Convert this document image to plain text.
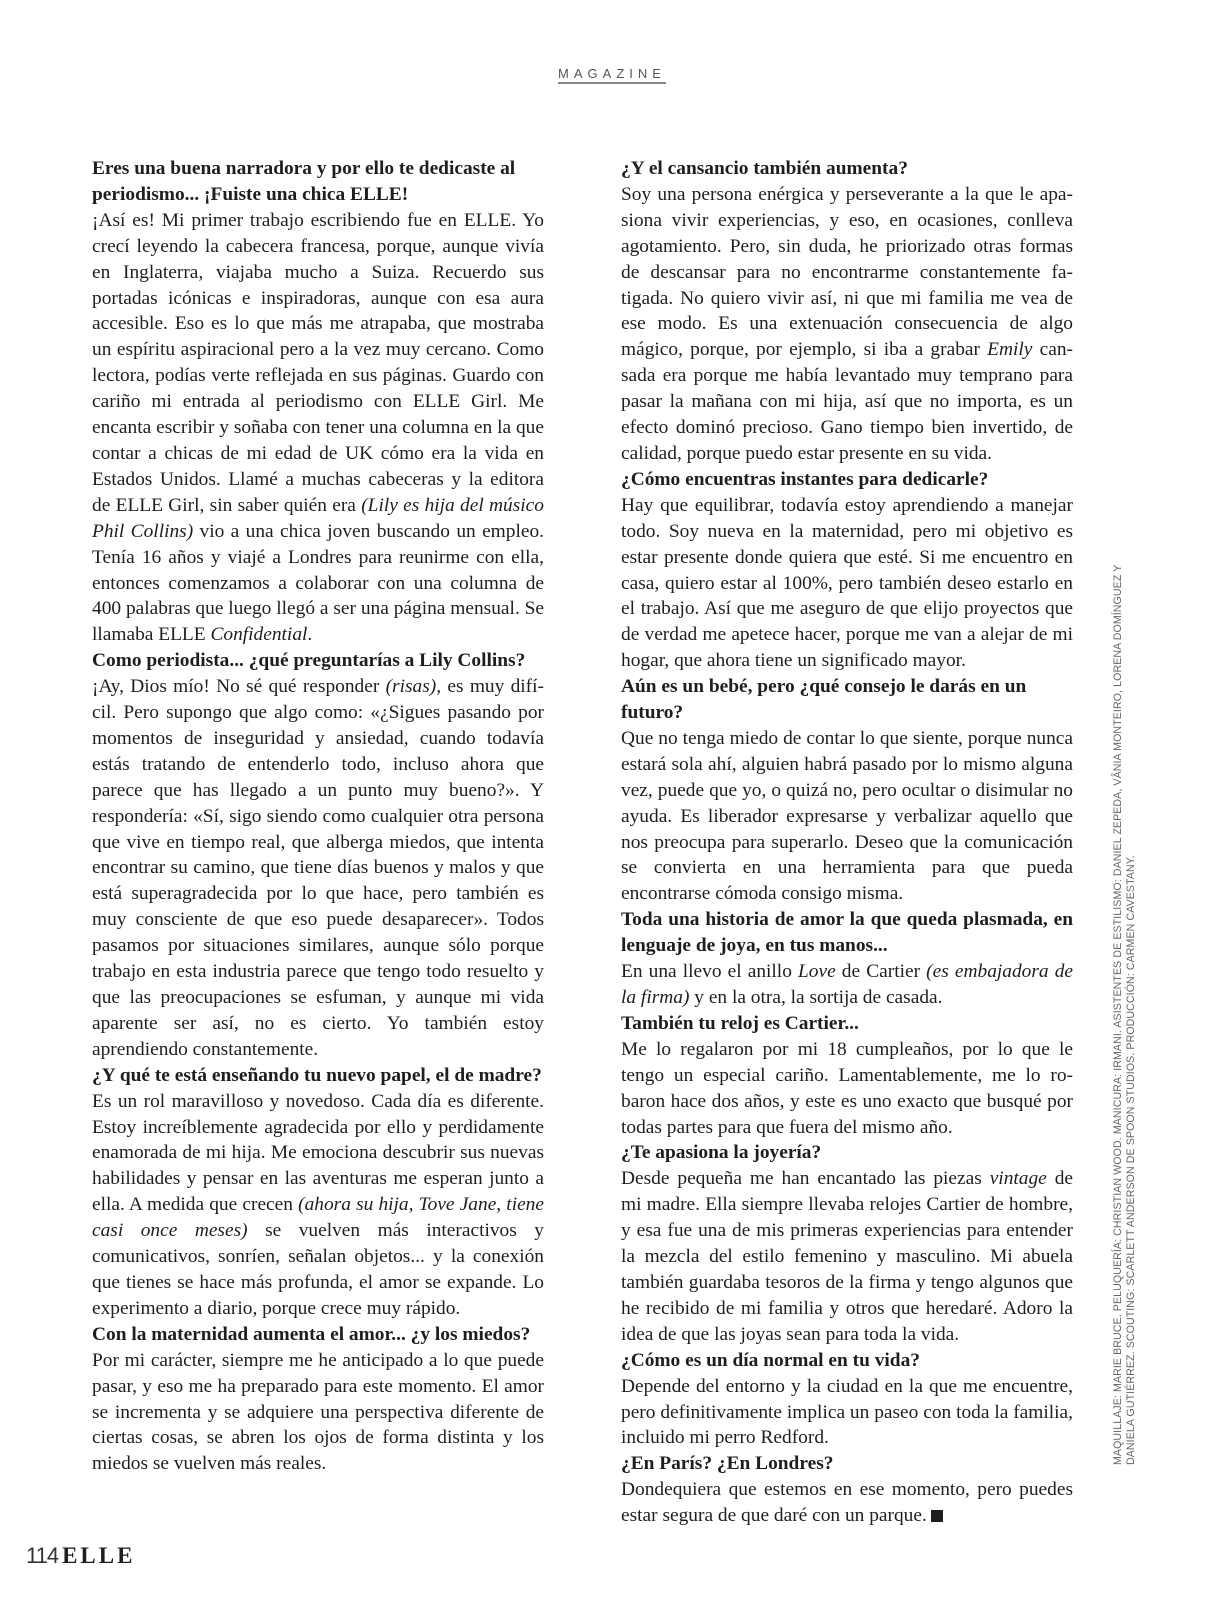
MAGAZINE

Eres una buena narradora y por ello te dedicaste al periodismo... ¡Fuiste una chica ELLE!

¡Así es! Mi primer trabajo escribiendo fue en ELLE. Yo crecí leyendo la cabecera francesa, porque, aunque vivía en Inglaterra, viajaba mucho a Suiza. Recuerdo sus portadas icónicas e inspiradoras, aunque con esa aura accesible. Eso es lo que más me atrapaba, que mostraba un espíritu aspiracional pero a la vez muy cercano. Como lectora, podías verte reflejada en sus páginas. Guardo con cariño mi entrada al periodismo con ELLE Girl. Me encanta escribir y soñaba con tener una columna en la que contar a chicas de mi edad de UK cómo era la vida en Estados Unidos. Llamé a muchas cabeceras y la editora de ELLE Girl, sin saber quién era (Lily es hija del músico Phil Collins) vio a una chica joven buscando un empleo. Tenía 16 años y viajé a Londres para reunirme con ella, entonces comenzamos a colaborar con una columna de 400 palabras que luego llegó a ser una página mensual. Se llamaba ELLE Confidential.

Como periodista... ¿qué preguntarías a Lily Collins?

¡Ay, Dios mío! No sé qué responder (risas), es muy difícil. Pero supongo que algo como: «¿Sigues pasando por momentos de inseguridad y ansiedad, cuando todavía estás tratando de entenderlo todo, incluso ahora que parece que has llegado a un punto muy bueno?». Y respondería: «Sí, sigo siendo como cualquier otra persona que vive en tiempo real, que alberga miedos, que intenta encontrar su camino, que tiene días buenos y malos y que está superagradecida por lo que hace, pero también es muy consciente de que eso puede desaparecer». Todos pasamos por situaciones similares, aunque sólo porque trabajo en esta industria parece que tengo todo resuelto y que las preocupaciones se esfuman, y aunque mi vida aparente ser así, no es cierto. Yo también estoy aprendiendo constantemente.

¿Y qué te está enseñando tu nuevo papel, el de madre?

Es un rol maravilloso y novedoso. Cada día es diferente. Estoy increíblemente agradecida por ello y perdidamente enamorada de mi hija. Me emociona descubrir sus nuevas habilidades y pensar en las aventuras me esperan junto a ella. A medida que crecen (ahora su hija, Tove Jane, tiene casi once meses) se vuelven más interactivos y comunicativos, sonríen, señalan objetos... y la conexión que tienes se hace más profunda, el amor se expande. Lo experimento a diario, porque crece muy rápido.

Con la maternidad aumenta el amor... ¿y los miedos?

Por mi carácter, siempre me he anticipado a lo que puede pasar, y eso me ha preparado para este momento. El amor se incrementa y se adquiere una perspectiva diferente de ciertas cosas, se abren los ojos de forma distinta y los miedos se vuelven más reales.

¿Y el cansancio también aumenta?

Soy una persona enérgica y perseverante a la que le apasiona vivir experiencias, y eso, en ocasiones, conlleva agotamiento. Pero, sin duda, he priorizado otras formas de descansar para no encontrarme constantemente fatigada. No quiero vivir así, ni que mi familia me vea de ese modo. Es una extenuación consecuencia de algo mágico, porque, por ejemplo, si iba a grabar Emily cansada era porque me había levantado muy temprano para pasar la mañana con mi hija, así que no importa, es un efecto dominó precioso. Gano tiempo bien invertido, de calidad, porque puedo estar presente en su vida.

¿Cómo encuentras instantes para dedicarle?

Hay que equilibrar, todavía estoy aprendiendo a manejar todo. Soy nueva en la maternidad, pero mi objetivo es estar presente donde quiera que esté. Si me encuentro en casa, quiero estar al 100%, pero también deseo estarlo en el trabajo. Así que me aseguro de que elijo proyectos que de verdad me apetece hacer, porque me van a alejar de mi hogar, que ahora tiene un significado mayor.

Aún es un bebé, pero ¿qué consejo le darás en un futuro?

Que no tenga miedo de contar lo que siente, porque nunca estará sola ahí, alguien habrá pasado por lo mismo alguna vez, puede que yo, o quizá no, pero ocultar o disimular no ayuda. Es liberador expresarse y verbalizar aquello que nos preocupa para superarlo. Deseo que la comunicación se convierta en una herramienta para que pueda encontrarse cómoda consigo misma.

Toda una historia de amor la que queda plasmada, en lenguaje de joya, en tus manos...

En una llevo el anillo Love de Cartier (es embajadora de la firma) y en la otra, la sortija de casada.

También tu reloj es Cartier...

Me lo regalaron por mi 18 cumpleaños, por lo que le tengo un especial cariño. Lamentablemente, me lo robaron hace dos años, y este es uno exacto que busqué por todas partes para que fuera del mismo año.

¿Te apasiona la joyería?

Desde pequeña me han encantado las piezas vintage de mi madre. Ella siempre llevaba relojes Cartier de hombre, y esa fue una de mis primeras experiencias para entender la mezcla del estilo femenino y masculino. Mi abuela también guardaba tesoros de la firma y tengo algunos que he recibido de mi familia y otros que heredaré. Adoro la idea de que las joyas sean para toda la vida.

¿Cómo es un día normal en tu vida?

Depende del entorno y la ciudad en la que me encuentre, pero definitivamente implica un paseo con toda la familia, incluido mi perro Redford.

¿En París? ¿En Londres?

Dondequiera que estemos en ese momento, pero puedes estar segura de que daré con un parque.

MAQUILLAJE: MARIE BRUCE. PELUQUERÍA: CHRISTIAN WOOD. MANICURA: IRMANI. ASISTENTES DE ESTILISMO: DANIEL ZEPEDA, VÂNIA MONTEIRO, LORENA DOMÍNGUEZ Y DANIELA GUTIÉRREZ. SCOUTING: SCARLETT ANDERSON DE SPOON STUDIOS. PRODUCCIÓN: CARMEN CAVESTANY.
114 ELLE
